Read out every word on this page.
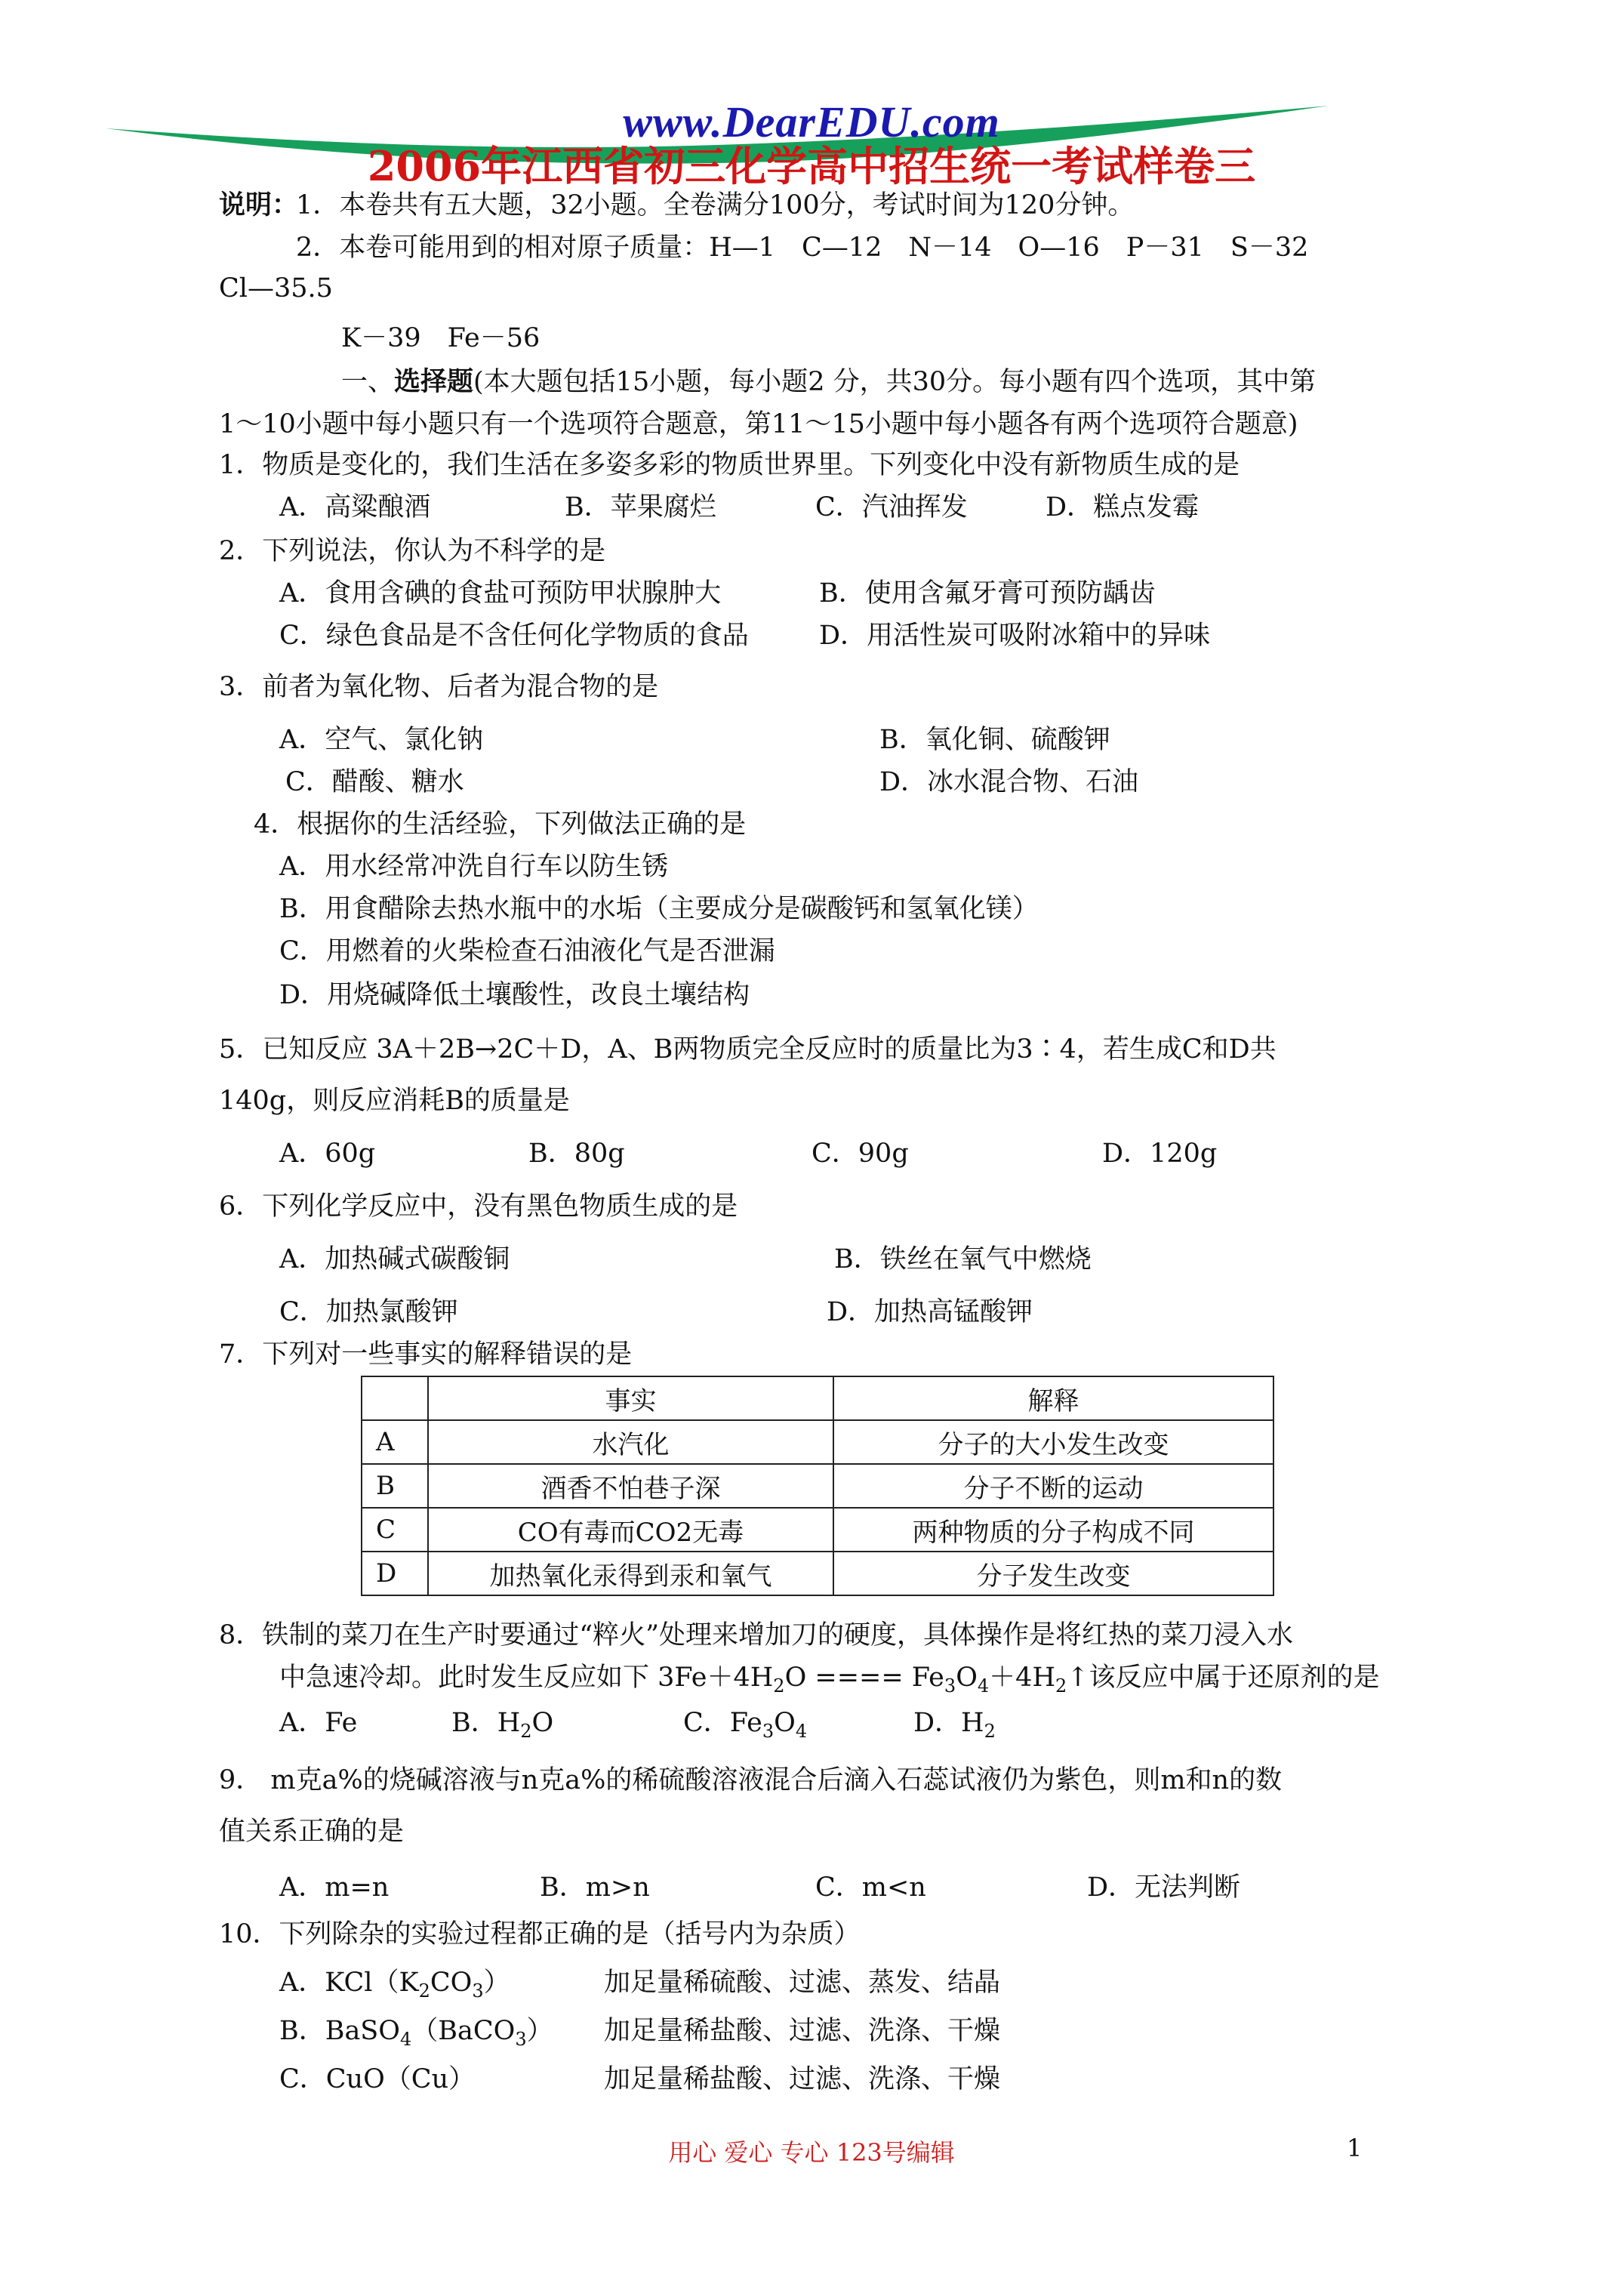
www.DearEDU.com
2006年江西省初三化学高中招生统一考试样卷三
说明：
1．本卷共有五大题，32小题。全卷满分100分，考试时间为120分钟。
2．本卷可能用到的相对原子质量：H—1　C—12　N－14　O—16　P－31　S－32
Cl—35.5
K－39　Fe－56
一、选择题(本大题包括15小题，每小题2 分，共30分。每小题有四个选项，其中第
1～10小题中每小题只有一个选项符合题意，第11～15小题中每小题各有两个选项符合题意)
1．物质是变化的，我们生活在多姿多彩的物质世界里。下列变化中没有新物质生成的是
A．高粱酿酒	B．苹果腐烂	C．汽油挥发	D．糕点发霉
2．下列说法，你认为不科学的是
A．食用含碘的食盐可预防甲状腺肿大	B．使用含氟牙膏可预防龋齿
C．绿色食品是不含任何化学物质的食品	D．用活性炭可吸附冰箱中的异味
3．前者为氧化物、后者为混合物的是
A．空气、氯化钠	B．氧化铜、硫酸钾
C．醋酸、糖水	D．冰水混合物、石油
4．根据你的生活经验，下列做法正确的是
A．用水经常冲洗自行车以防生锈
B．用食醋除去热水瓶中的水垢（主要成分是碳酸钙和氢氧化镁）
C．用燃着的火柴检查石油液化气是否泄漏
D．用烧碱降低土壤酸性，改良土壤结构
5．已知反应 3A＋2B→2C＋D，A、B两物质完全反应时的质量比为3∶4，若生成C和D共
140g，则反应消耗B的质量是
A．60g	B．80g	C．90g	D．120g
6．下列化学反应中，没有黑色物质生成的是
A．加热碱式碳酸铜	B．铁丝在氧气中燃烧
C．加热氯酸钾	D．加热高锰酸钾
7．下列对一些事实的解释错误的是
	事实	解释
A	水汽化	分子的大小发生改变
B	酒香不怕巷子深	分子不断的运动
C	CO有毒而CO2无毒	两种物质的分子构成不同
D	加热氧化汞得到汞和氧气	分子发生改变
8．铁制的菜刀在生产时要通过“粹火”处理来增加刀的硬度，具体操作是将红热的菜刀浸入水
中急速冷却。此时发生反应如下 $3Fe+4H_2O$ ==== $Fe_3O_4+4H_2↑$该反应中属于还原剂的是
A．Fe	B．$H_2O$	C．$Fe_3O_4$	D．$H_2$
9． m克a%的烧碱溶液与n克a%的稀硫酸溶液混合后滴入石蕊试液仍为紫色，则m和n的数
值关系正确的是
A．m=n	B．m>n	C．m<n	D．无法判断
10．下列除杂的实验过程都正确的是（括号内为杂质）
A．$KCl(K_2CO_3)$	加足量稀硫酸、过滤、蒸发、结晶
B．BaSO$_4$（BaCO$_3$） 加足量稀盐酸、过滤、洗涤、干燥
C．CuO（Cu）	加足量稀盐酸、过滤、洗涤、干燥
用心 爱心 专心 123号编辑	1
